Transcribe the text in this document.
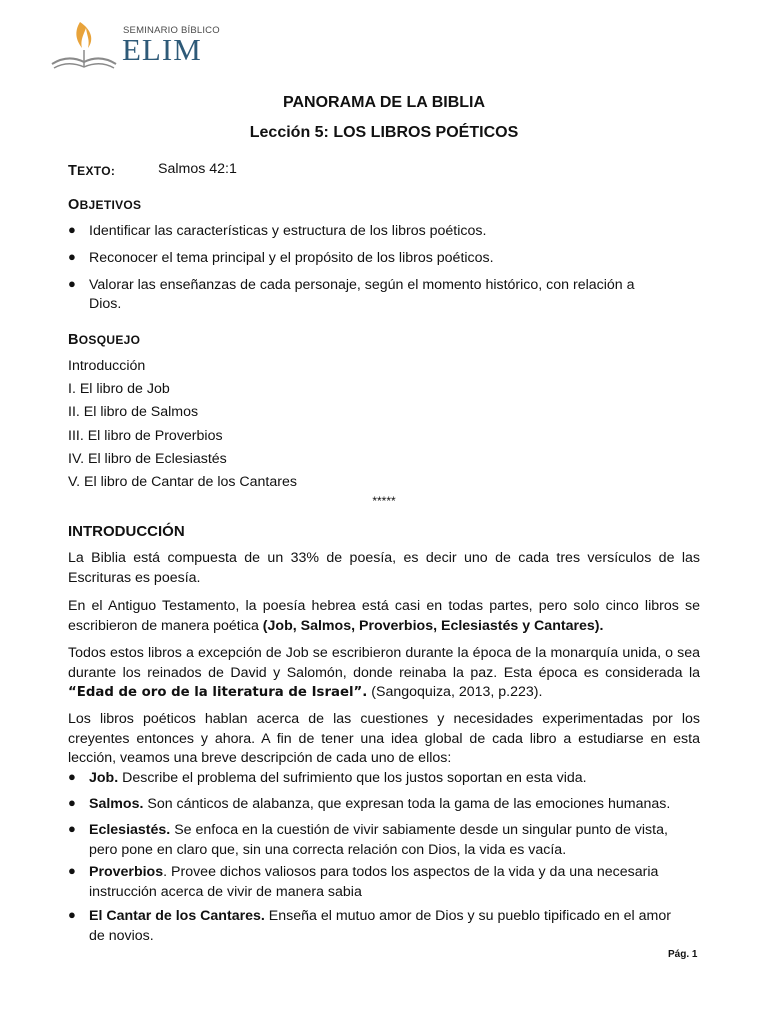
SEMINARIO BÍBLICO
ELIM
PANORAMA DE LA BIBLIA
Lección 5: LOS LIBROS POÉTICOS
TEXTO:	Salmos 42:1
OBJETIVOS
● Identificar las características y estructura de los libros poéticos.
● Reconocer el tema principal y el propósito de los libros poéticos.
● Valorar las enseñanzas de cada personaje, según el momento histórico, con relación a
Dios.
BOSQUEJO
Introducción
I. El libro de Job
II. El libro de Salmos
III. El libro de Proverbios
IV. El libro de Eclesiastés
V. El libro de Cantar de los Cantares
*****
INTRODUCCIÓN
La Biblia está compuesta de un 33% de poesía, es decir uno de cada tres versículos de las Escrituras es poesía.
En el Antiguo Testamento, la poesía hebrea está casi en todas partes, pero solo cinco libros se escribieron de manera poética (Job, Salmos, Proverbios, Eclesiastés y Cantares).
Todos estos libros a excepción de Job se escribieron durante la época de la monarquía unida, o sea durante los reinados de David y Salomón, donde reinaba la paz. Esta época es considerada la “Edad de oro de la literatura de Israel”. (Sangoquiza, 2013, p.223).
Los libros poéticos hablan acerca de las cuestiones y necesidades experimentadas por los creyentes entonces y ahora. A fin de tener una idea global de cada libro a estudiarse en esta lección, veamos una breve descripción de cada uno de ellos:
● Job. Describe el problema del sufrimiento que los justos soportan en esta vida.
● Salmos. Son cánticos de alabanza, que expresan toda la gama de las emociones humanas.
● Eclesiastés. Se enfoca en la cuestión de vivir sabiamente desde un singular punto de vista,
pero pone en claro que, sin una correcta relación con Dios, la vida es vacía.
● Proverbios. Provee dichos valiosos para todos los aspectos de la vida y da una necesaria
instrucción acerca de vivir de manera sabia
● El Cantar de los Cantares. Enseña el mutuo amor de Dios y su pueblo tipificado en el amor
de novios.
Pág. 1
